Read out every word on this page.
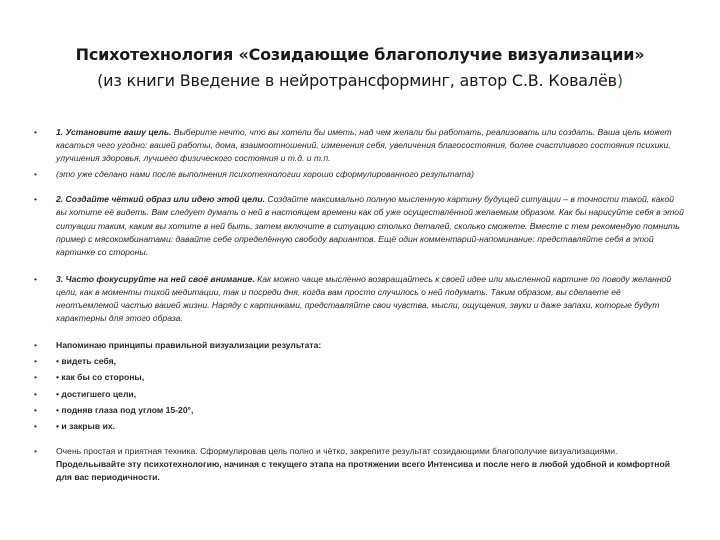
Психотехнология «Созидающие благополучие визуализации»
(из книги Введение в нейротрансформинг, автор С.В. Ковалёв)
• 1. Установите вашу цель. Выберите нечто, что вы хотели бы иметь, над чем желали бы работать, реализовать или создать. Ваша цель может касаться чего угодно: вашей работы, дома, взаимоотношений, изменения себя, увеличения благосостояния, более счастливого состояния психики, улучшения здоровья, лучшего физического состояния и т.д. и т.п.
• (это уже сделано нами после выполнения психотехнологии хорошо сформулированного результата)
• 2. Создайте чёткий образ или идею этой цели. Создайте максимально полную мысленную картину будущей ситуации – в точности такой, какой вы хотите её видеть. Вам следует думать о ней в настоящем времени как об уже осуществлённой желаемым образом. Как бы нарисуйте себя в этой ситуации таким, каким вы хотите в ней быть, затем включите в ситуацию столько деталей, сколько сможете. Вместе с тем рекомендую помнить пример с мясокомбинатами: давайте себе определённую свободу вариантов. Ещё один комментарий-напоминание: представляйте себя в этой картинке со стороны.
• 3. Часто фокусируйте на ней своё внимание. Как можно чаще мысленно возвращайтесь к своей идее или мысленной картине по поводу желанной цели, как в моменты тихой медитации, так и посреди дня, когда вам просто случилось о ней подумать. Таким образом, вы сделаете её неотъемлемой частью вашей жизни. Наряду с картинками, представляйте свои чувства, мысли, ощущения, звуки и даже запахи, которые будут характерны для этого образа.
• Напоминаю принципы правильной визуализации результата:
• • видеть себя,
• • как бы со стороны,
• • достигшего цели,
• • подняв глаза под углом 15-20°,
• • и закрыв их.
• Очень простая и приятная техника. Сформулировав цель полно и чётко, закрепите результат созидающими благополучие визуализациями. Продельывайте эту психотехнологию, начиная с текущего этапа на протяжении всего Интенсива и после него в любой удобной и комфортной для вас периодичности.
